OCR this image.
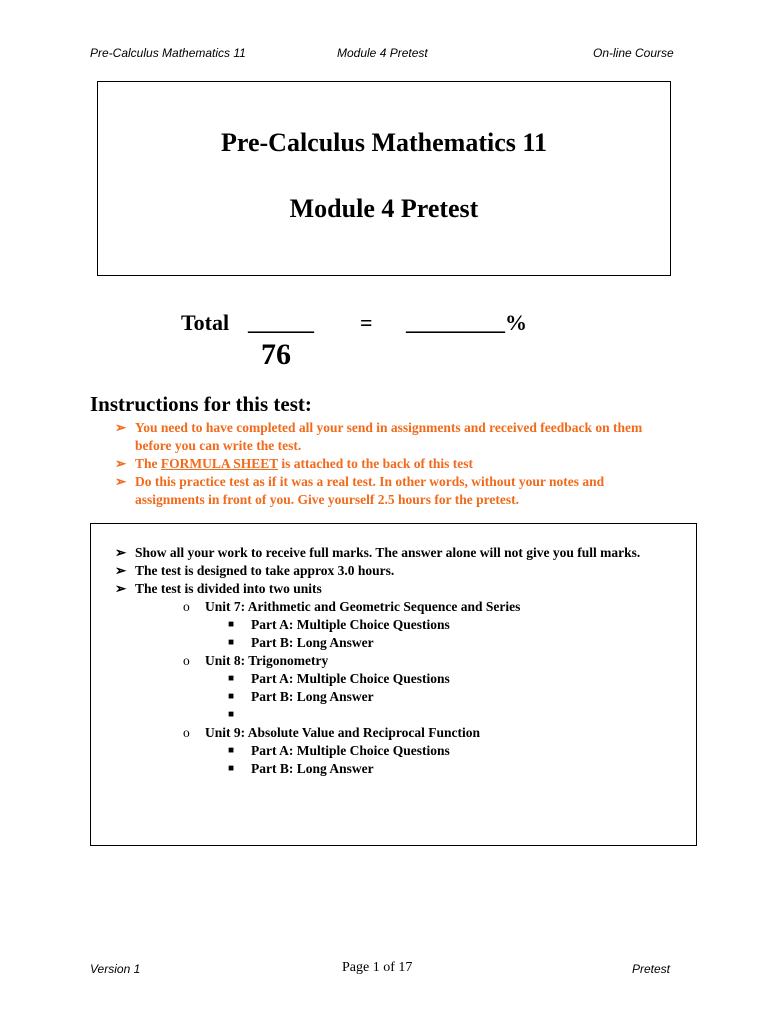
Pre-Calculus Mathematics 11	Module 4 Pretest	On-line Course
Pre-Calculus Mathematics 11
Module 4 Pretest
Total ______ = _________%
76
Instructions for this test:
➢ You need to have completed all your send in assignments and received feedback on them before you can write the test.
➢ The FORMULA SHEET is attached to the back of this test
➢ Do this practice test as if it was a real test. In other words, without your notes and assignments in front of you. Give yourself 2.5 hours for the pretest.
➢ Show all your work to receive full marks. The answer alone will not give you full marks.
➢ The test is designed to take approx 3.0 hours.
➢ The test is divided into two units
o Unit 7: Arithmetic and Geometric Sequence and Series
■ Part A: Multiple Choice Questions
■ Part B: Long Answer
o Unit 8: Trigonometry
■ Part A: Multiple Choice Questions
■ Part B: Long Answer
■
o Unit 9: Absolute Value and Reciprocal Function
■ Part A: Multiple Choice Questions
■ Part B: Long Answer
Version 1	Page 1 of 17	Pretest
